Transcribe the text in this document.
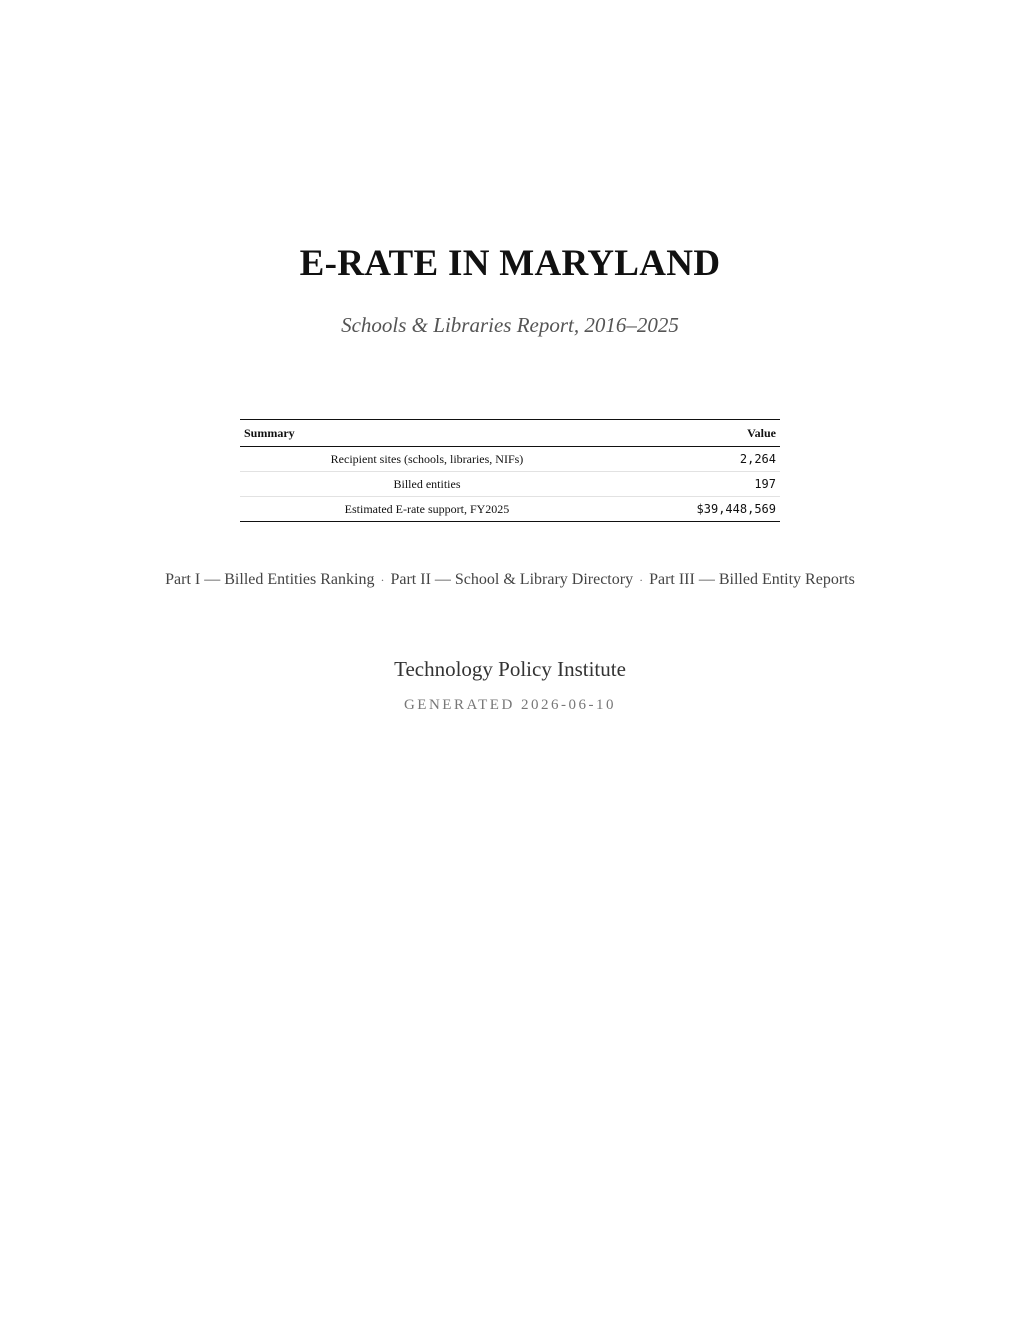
E-RATE IN MARYLAND
Schools & Libraries Report, 2016–2025
Summary	Value
Recipient sites (schools, libraries, NIFs)	2,264
Billed entities	197
Estimated E-rate support, FY2025	$39,448,569
Part I — Billed Entities Ranking · Part II — School & Library Directory · Part III — Billed Entity Reports
Technology Policy Institute
GENERATED 2026-06-10
